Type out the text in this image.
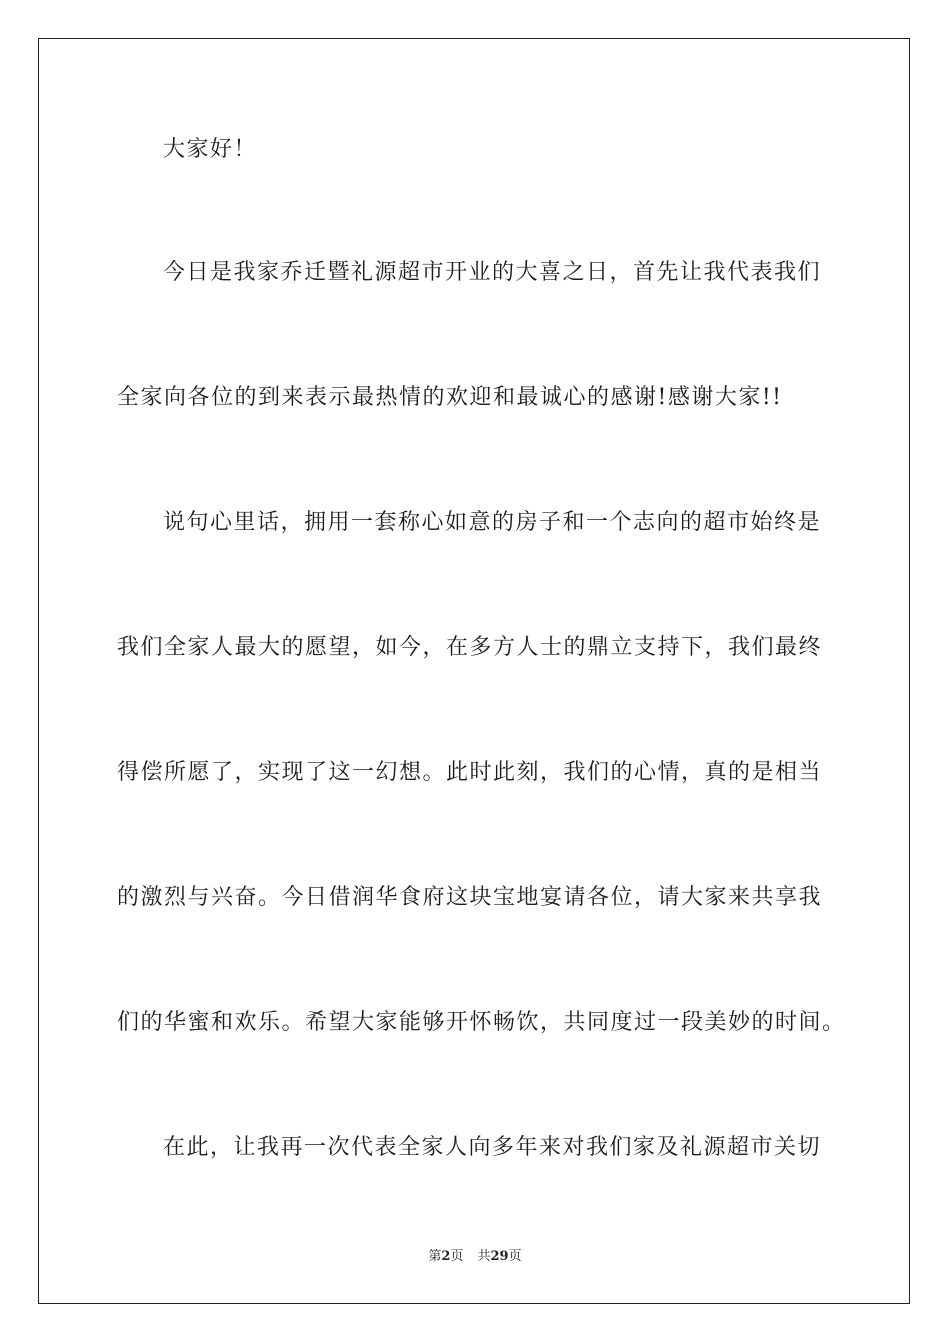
大家好！
今日是我家乔迁暨礼源超市开业的大喜之日，首先让我代表我们
全家向各位的到来表示最热情的欢迎和最诚心的感谢!感谢大家!!
说句心里话，拥用一套称心如意的房子和一个志向的超市始终是
我们全家人最大的愿望，如今，在多方人士的鼎立支持下，我们最终
得偿所愿了，实现了这一幻想。此时此刻，我们的心情，真的是相当
的激烈与兴奋。今日借润华食府这块宝地宴请各位，请大家来共享我
们的华蜜和欢乐。希望大家能够开怀畅饮，共同度过一段美妙的时间。
在此，让我再一次代表全家人向多年来对我们家及礼源超市关切
第2页 共29页
